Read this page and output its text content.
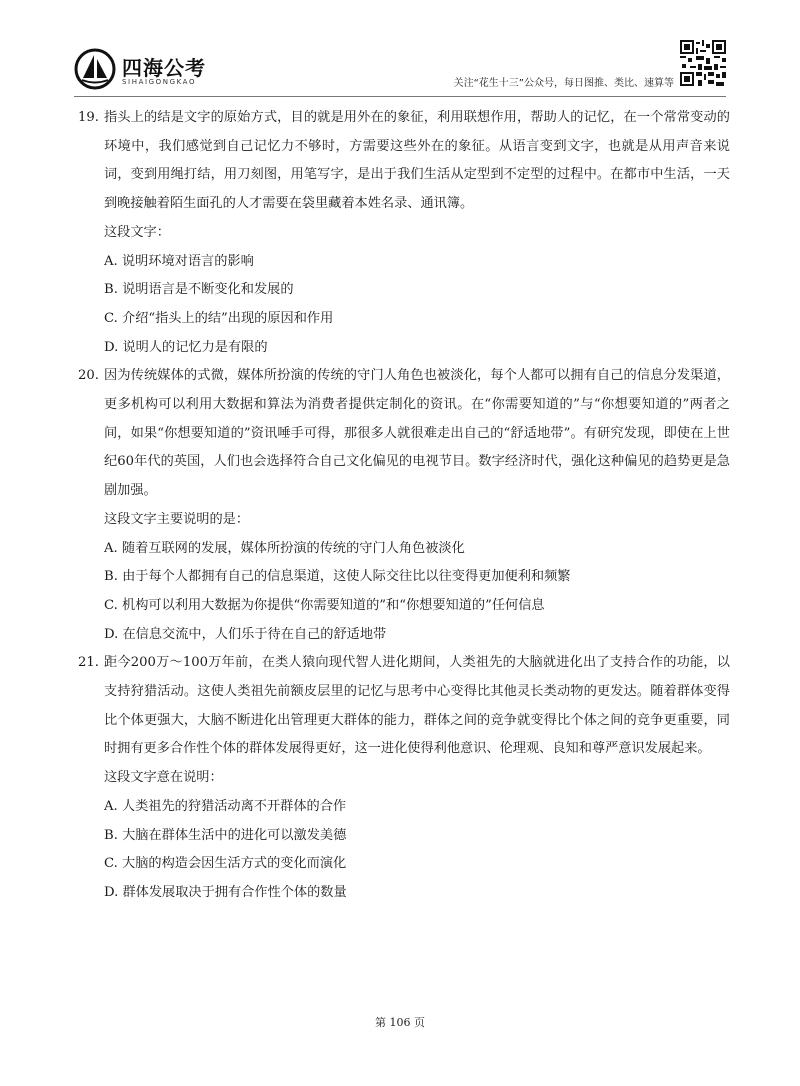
四海公考
SIHAIGONGKAO	关注“花生十三”公众号，每日图推、类比、速算等
19. 指头上的结是文字的原始方式，目的就是用外在的象征，利用联想作用，帮助人的记忆，在一个常常变动的环境中，我们感觉到自己记忆力不够时，方需要这些外在的象征。从语言变到文字，也就是从用声音来说词，变到用绳打结，用刀刻图，用笔写字，是出于我们生活从定型到不定型的过程中。在都市中生活，一天到晚接触着陌生面孔的人才需要在袋里藏着本姓名录、通讯簿。
这段文字：
A. 说明环境对语言的影响
B. 说明语言是不断变化和发展的
C. 介绍“指头上的结”出现的原因和作用
D. 说明人的记忆力是有限的
20. 因为传统媒体的式微，媒体所扮演的传统的守门人角色也被淡化，每个人都可以拥有自己的信息分发渠道，更多机构可以利用大数据和算法为消费者提供定制化的资讯。在“你需要知道的”与“你想要知道的”两者之间，如果“你想要知道的”资讯唾手可得，那很多人就很难走出自己的“舒适地带”。有研究发现，即使在上世纪60年代的英国，人们也会选择符合自己文化偏见的电视节目。数字经济时代，强化这种偏见的趋势更是急剧加强。
这段文字主要说明的是：
A. 随着互联网的发展，媒体所扮演的传统的守门人角色被淡化
B. 由于每个人都拥有自己的信息渠道，这使人际交往比以往变得更加便利和频繁
C. 机构可以利用大数据为你提供“你需要知道的”和“你想要知道的”任何信息
D. 在信息交流中，人们乐于待在自己的舒适地带
21. 距今200万～100万年前，在类人猿向现代智人进化期间，人类祖先的大脑就进化出了支持合作的功能，以支持狩猎活动。这使人类祖先前额皮层里的记忆与思考中心变得比其他灵长类动物的更发达。随着群体变得比个体更强大，大脑不断进化出管理更大群体的能力，群体之间的竞争就变得比个体之间的竞争更重要，同时拥有更多合作性个体的群体发展得更好，这一进化使得利他意识、伦理观、良知和尊严意识发展起来。
这段文字意在说明：
A. 人类祖先的狩猎活动离不开群体的合作
B. 大脑在群体生活中的进化可以激发美德
C. 大脑的构造会因生活方式的变化而演化
D. 群体发展取决于拥有合作性个体的数量
第 106 页
